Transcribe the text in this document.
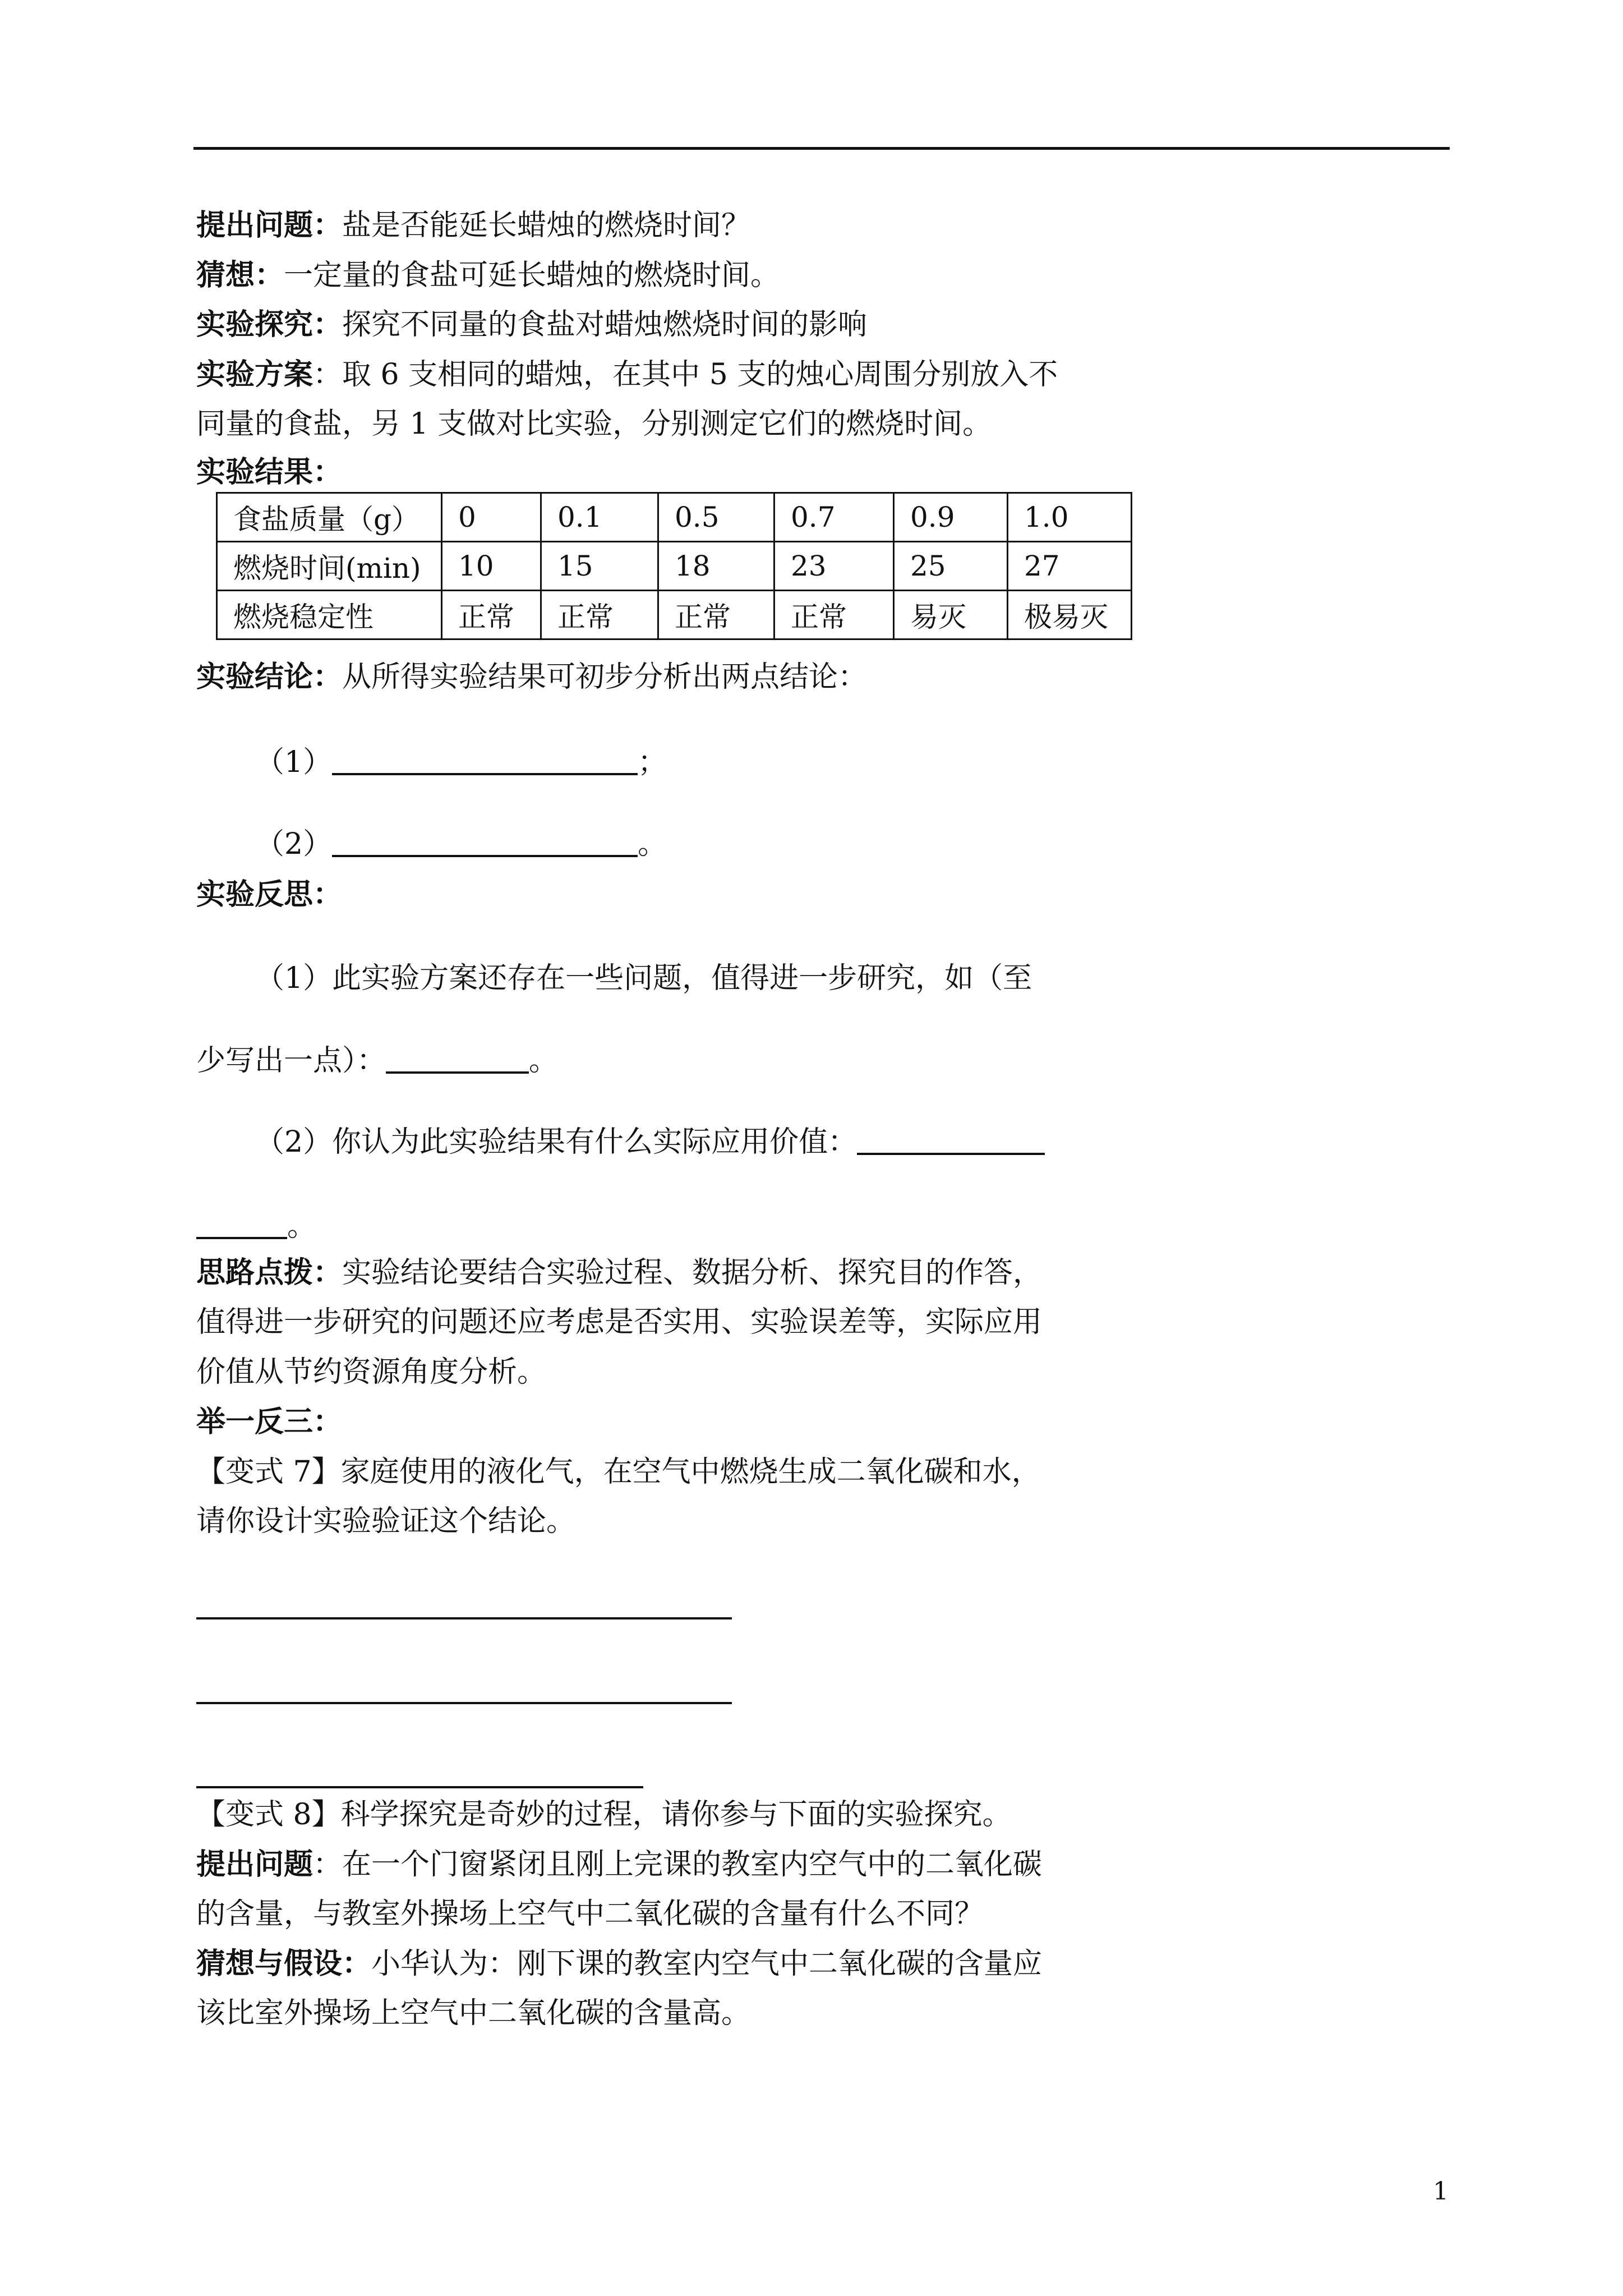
提出问题：盐是否能延长蜡烛的燃烧时间？
猜想：一定量的食盐可延长蜡烛的燃烧时间。
实验探究：探究不同量的食盐对蜡烛燃烧时间的影响
实验方案：取 6 支相同的蜡烛，在其中 5 支的烛心周围分别放入不
同量的食盐，另 1 支做对比实验，分别测定它们的燃烧时间。
实验结果：
食盐质量（g）	0	0.1	0.5	0.7	0.9	1.0
燃烧时间(min)	10	15	18	23	25	27
燃烧稳定性	正常	正常	正常	正常	易灭	极易灭
实验结论：从所得实验结果可初步分析出两点结论：
（1）	；
（2）	。
实验反思：
（1）此实验方案还存在一些问题，值得进一步研究，如（至
少写出一点）：	。
（2）你认为此实验结果有什么实际应用价值：
。
思路点拨：实验结论要结合实验过程、数据分析、探究目的作答，
值得进一步研究的问题还应考虑是否实用、实验误差等，实际应用
价值从节约资源角度分析。
举一反三：
【变式 7】家庭使用的液化气，在空气中燃烧生成二氧化碳和水，
请你设计实验验证这个结论。
【变式 8】科学探究是奇妙的过程，请你参与下面的实验探究。
提出问题：在一个门窗紧闭且刚上完课的教室内空气中的二氧化碳
的含量，与教室外操场上空气中二氧化碳的含量有什么不同？
猜想与假设：小华认为：刚下课的教室内空气中二氧化碳的含量应
该比室外操场上空气中二氧化碳的含量高。
1
